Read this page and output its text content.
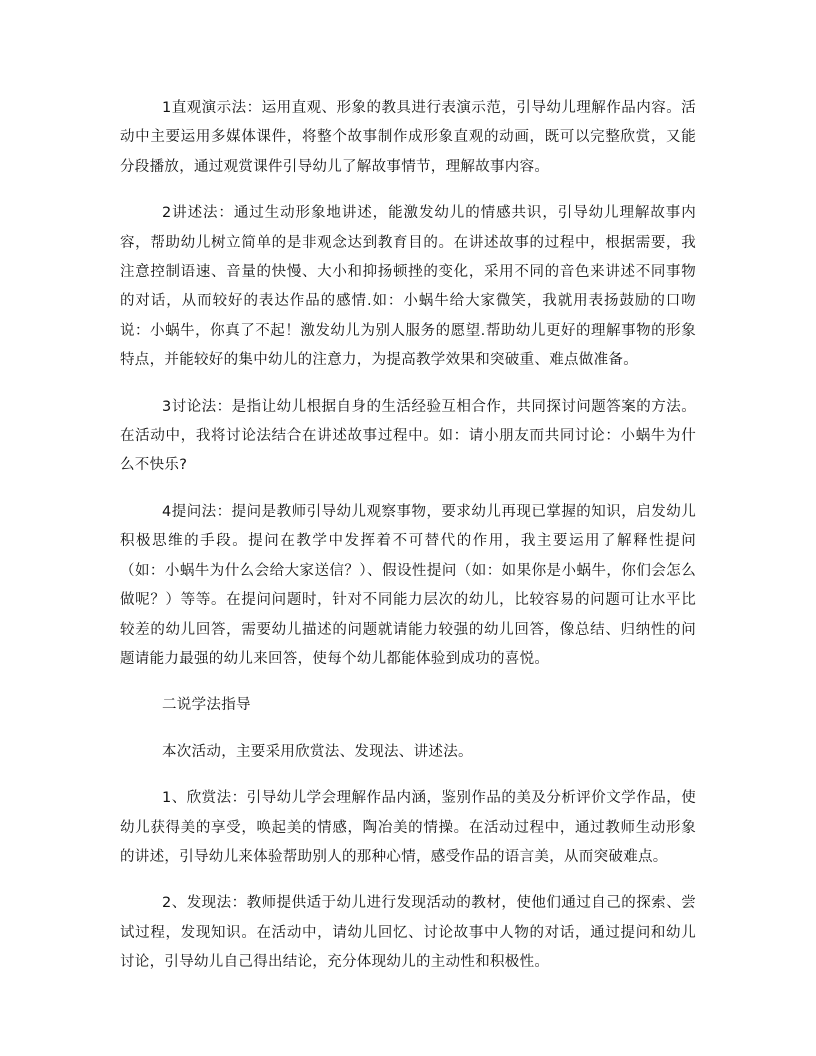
1直观演示法：运用直观、形象的教具进行表演示范，引导幼儿理解作品内容。活动中主要运用多媒体课件，将整个故事制作成形象直观的动画，既可以完整欣赏，又能分段播放，通过观赏课件引导幼儿了解故事情节，理解故事内容。

2讲述法：通过生动形象地讲述，能激发幼儿的情感共识，引导幼儿理解故事内容，帮助幼儿树立简单的是非观念达到教育目的。在讲述故事的过程中，根据需要，我注意控制语速、音量的快慢、大小和抑扬顿挫的变化，采用不同的音色来讲述不同事物的对话，从而较好的表达作品的感情.如：小蜗牛给大家微笑，我就用表扬鼓励的口吻说：小蜗牛，你真了不起！激发幼儿为别人服务的愿望.帮助幼儿更好的理解事物的形象特点，并能较好的集中幼儿的注意力，为提高教学效果和突破重、难点做准备。

3讨论法：是指让幼儿根据自身的生活经验互相合作，共同探讨问题答案的方法。在活动中，我将讨论法结合在讲述故事过程中。如：请小朋友而共同讨论：小蜗牛为什么不快乐?

4提问法：提问是教师引导幼儿观察事物，要求幼儿再现已掌握的知识，启发幼儿积极思维的手段。提问在教学中发挥着不可替代的作用，我主要运用了解释性提问（如：小蜗牛为什么会给大家送信？）、假设性提问（如：如果你是小蜗牛，你们会怎么做呢？）等等。在提问问题时，针对不同能力层次的幼儿，比较容易的问题可让水平比较差的幼儿回答，需要幼儿描述的问题就请能力较强的幼儿回答，像总结、归纳性的问题请能力最强的幼儿来回答，使每个幼儿都能体验到成功的喜悦。

二说学法指导

本次活动，主要采用欣赏法、发现法、讲述法。

1、欣赏法：引导幼儿学会理解作品内涵，鉴别作品的美及分析评价文学作品，使幼儿获得美的享受，唤起美的情感，陶冶美的情操。在活动过程中，通过教师生动形象的讲述，引导幼儿来体验帮助别人的那种心情，感受作品的语言美，从而突破难点。

2、发现法：教师提供适于幼儿进行发现活动的教材，使他们通过自己的探索、尝试过程，发现知识。在活动中，请幼儿回忆、讨论故事中人物的对话，通过提问和幼儿讨论，引导幼儿自己得出结论，充分体现幼儿的主动性和积极性。
